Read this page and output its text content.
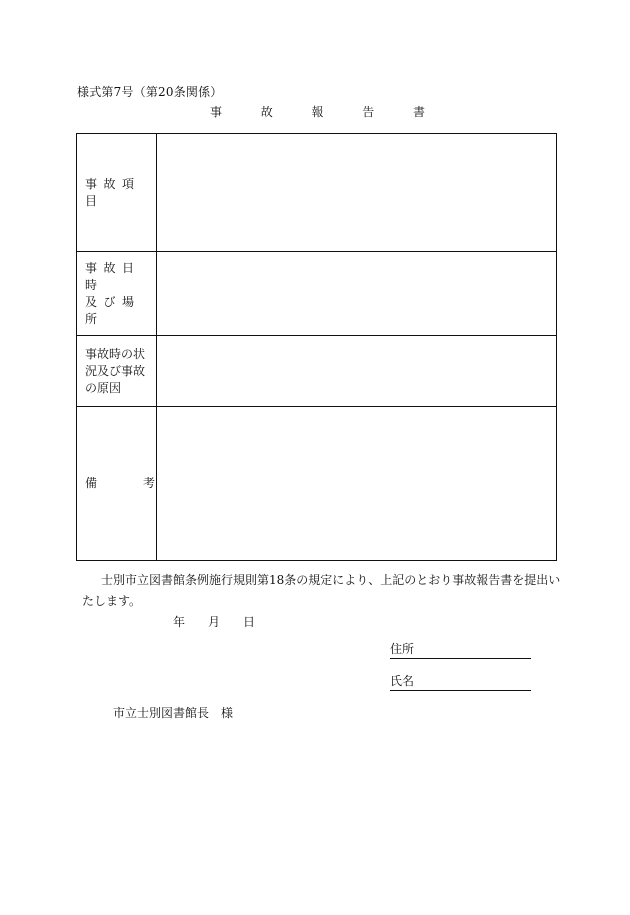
様式第7号（第20条関係）
事	故	報	告	書
事故項目
事故日時
及び場所
事故時の状
況及び事故
の原因
備	考
士別市立図書館条例施行規則第18条の規定により、上記のとおり事故報告書を提出い
たします。
年 月 日
住所
氏名
市立士別図書館長　様
